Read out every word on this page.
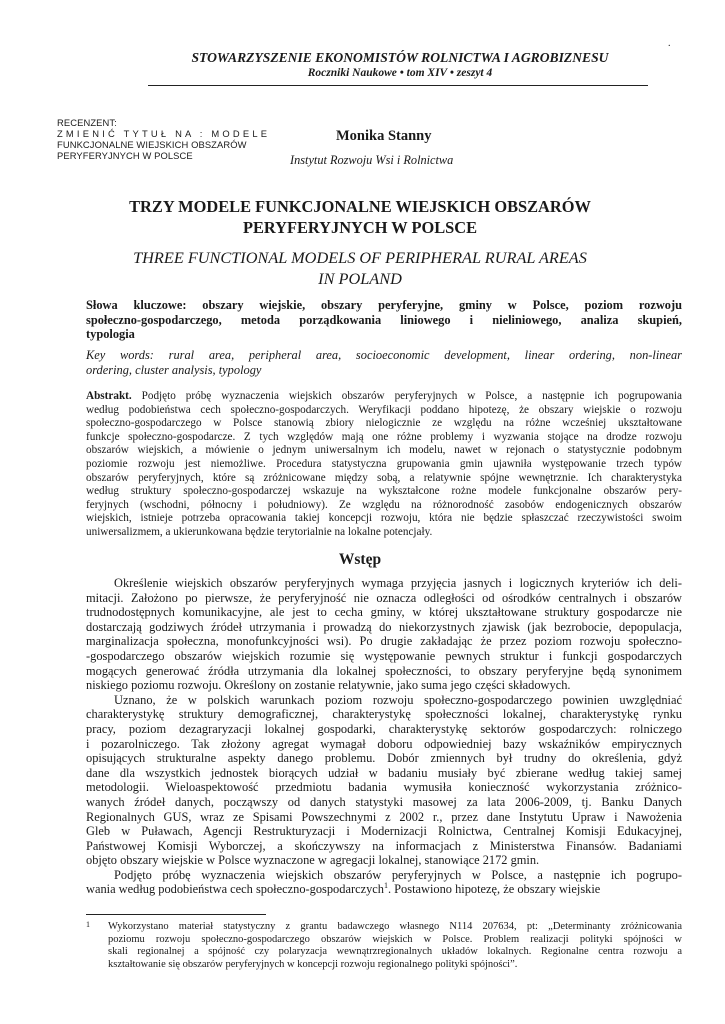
STOWARZYSZENIE EKONOMISTÓW ROLNICTWA I AGROBIZNESU
Roczniki Naukowe • tom XIV • zeszyt 4
.
RECENZENT:
ZMIENIĆ TYTUŁ NA : MODELE
FUNKCJONALNE WIEJSKICH OBSZARÓW
PERYFERYJNYCH W POLSCE
Monika Stanny
Instytut Rozwoju Wsi i Rolnictwa
TRZY MODELE FUNKCJONALNE WIEJSKICH OBSZARÓW
PERYFERYJNYCH W POLSCE
THREE FUNCTIONAL MODELS OF PERIPHERAL RURAL AREAS
IN POLAND
Słowa kluczowe: obszary wiejskie, obszary peryferyjne, gminy w Polsce, poziom rozwoju
społeczno-gospodarczego, metoda porządkowania liniowego i nieliniowego, analiza skupień,
typologia
Key words: rural area, peripheral area, socioeconomic development, linear ordering, non-linear
ordering, cluster analysis, typology
Abstrakt. Podjęto próbę wyznaczenia wiejskich obszarów peryferyjnych w Polsce, a następnie ich pogrupowania
według podobieństwa cech społeczno-gospodarczych. Weryfikacji poddano hipotezę, że obszary wiejskie o rozwoju
społeczno-gospodarczego w Polsce stanowią zbiory nielogicznie ze względu na różne wcześniej ukształtowane
funkcje społeczno-gospodarcze. Z tych względów mają one różne problemy i wyzwania stojące na drodze rozwoju
obszarów wiejskich, a mówienie o jednym uniwersalnym ich modelu, nawet w rejonach o statystycznie podobnym
poziomie rozwoju jest niemożliwe. Procedura statystyczna grupowania gmin ujawniła występowanie trzech typów
obszarów peryferyjnych, które są zróżnicowane między sobą, a relatywnie spójne wewnętrznie. Ich charakterystyka
według struktury społeczno-gospodarczej wskazuje na wykształcone rożne modele funkcjonalne obszarów pery-
feryjnych (wschodni, północny i południowy). Ze względu na różnorodność zasobów endogenicznych obszarów
wiejskich, istnieje potrzeba opracowania takiej koncepcji rozwoju, która nie będzie spłaszczać rzeczywistości swoim
uniwersalizmem, a ukierunkowana będzie terytorialnie na lokalne potencjały.
Wstęp
Określenie wiejskich obszarów peryferyjnych wymaga przyjęcia jasnych i logicznych kryteriów ich deli-
mitacji. Założono po pierwsze, że peryferyjność nie oznacza odległości od ośrodków centralnych i obszarów
trudnodostępnych komunikacyjne, ale jest to cecha gminy, w której ukształtowane struktury gospodarcze nie
dostarczają godziwych źródeł utrzymania i prowadzą do niekorzystnych zjawisk (jak bezrobocie, depopulacja,
marginalizacja społeczna, monofunkcyjności wsi). Po drugie zakładając że przez poziom rozwoju społeczno-
-gospodarczego obszarów wiejskich rozumie się występowanie pewnych struktur i funkcji gospodarczych
mogących generować źródła utrzymania dla lokalnej społeczności, to obszary peryferyjne będą synonimem
niskiego poziomu rozwoju. Określony on zostanie relatywnie, jako suma jego części składowych.
Uznano, że w polskich warunkach poziom rozwoju społeczno-gospodarczego powinien uwzględniać
charakterystykę struktury demograficznej, charakterystykę społeczności lokalnej, charakterystykę rynku
pracy, poziom dezagraryzacji lokalnej gospodarki, charakterystykę sektorów gospodarczych: rolniczego
i pozarolniczego. Tak złożony agregat wymagał doboru odpowiedniej bazy wskaźników empirycznych
opisujących strukturalne aspekty danego problemu. Dobór zmiennych był trudny do określenia, gdyż
dane dla wszystkich jednostek biorących udział w badaniu musiały być zbierane według takiej samej
metodologii. Wieloaspektowość przedmiotu badania wymusiła konieczność wykorzystania zróżnico-
wanych źródeł danych, począwszy od danych statystyki masowej za lata 2006-2009, tj. Banku Danych
Regionalnych GUS, wraz ze Spisami Powszechnymi z 2002 r., przez dane Instytutu Upraw i Nawożenia
Gleb w Puławach, Agencji Restrukturyzacji i Modernizacji Rolnictwa, Centralnej Komisji Edukacyjnej,
Państwowej Komisji Wyborczej, a skończywszy na informacjach z Ministerstwa Finansów. Badaniami
objęto obszary wiejskie w Polsce wyznaczone w agregacji lokalnej, stanowiące 2172 gmin.
Podjęto próbę wyznaczenia wiejskich obszarów peryferyjnych w Polsce, a następnie ich pogrupo-
wania według podobieństwa cech społeczno-gospodarczych$^1$. Postawiono hipotezę, że obszary wiejskie
1 Wykorzystano materiał statystyczny z grantu badawczego własnego N114 207634, pt: „Determinanty zróżnicowania
poziomu rozwoju społeczno-gospodarczego obszarów wiejskich w Polsce. Problem realizacji polityki spójności w
skali regionalnej a spójność czy polaryzacja wewnątrzregionalnych układów lokalnych. Regionalne centra rozwoju a
kształtowanie się obszarów peryferyjnych w koncepcji rozwoju regionalnego polityki spójności”.
